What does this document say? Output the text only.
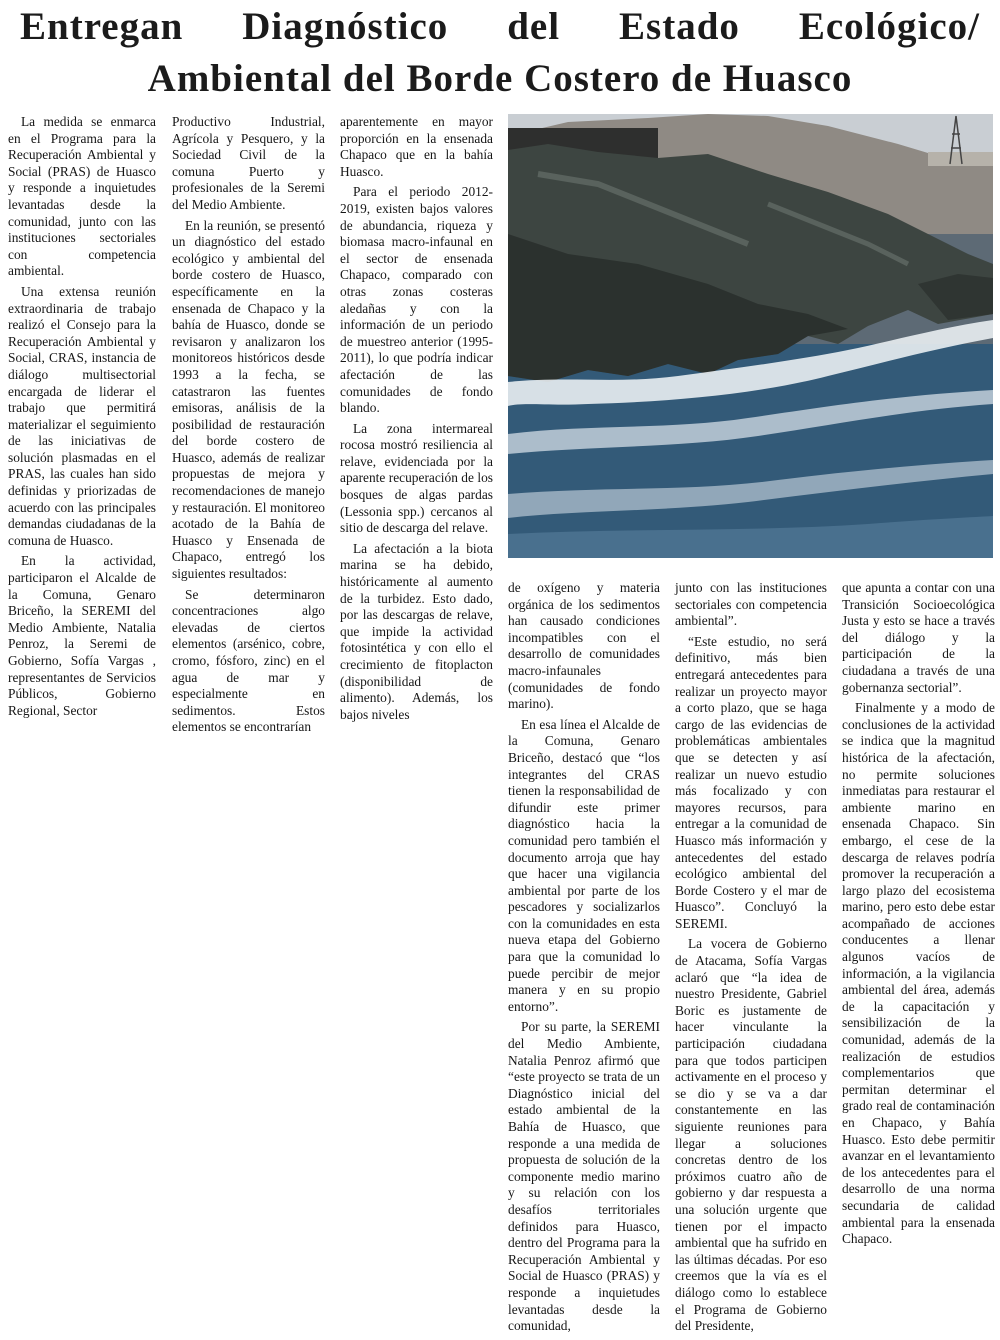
Entregan Diagnóstico del Estado Ecológico/
Ambiental del Borde Costero de Huasco

La medida se enmarca en el Programa para la Recuperación Ambiental y Social (PRAS) de Huasco y responde a inquietudes levantadas desde la comunidad, junto con las instituciones sectoriales con competencia ambiental.

Una extensa reunión extraordinaria de trabajo realizó el Consejo para la Recuperación Ambiental y Social, CRAS, instancia de diálogo multisectorial encargada de liderar el trabajo que permitirá materializar el seguimiento de las iniciativas de solución plasmadas en el PRAS, las cuales han sido definidas y priorizadas de acuerdo con las principales demandas ciudadanas de la comuna de Huasco.

En la actividad, participaron el Alcalde de la Comuna, Genaro Briceño, la SEREMI del Medio Ambiente, Natalia Penroz, la Seremi de Gobierno, Sofía Vargas , representantes de Servicios Públicos, Gobierno Regional, Sector

Productivo Industrial, Agrícola y Pesquero, y la Sociedad Civil de la comuna Puerto y profesionales de la Seremi del Medio Ambiente.

En la reunión, se presentó un diagnóstico del estado ecológico y ambiental del borde costero de Huasco, específicamente en la ensenada de Chapaco y la bahía de Huasco, donde se revisaron y analizaron los monitoreos históricos desde 1993 a la fecha, se catastraron las fuentes emisoras, análisis de la posibilidad de restauración del borde costero de Huasco, además de realizar propuestas de mejora y recomendaciones de manejo y restauración. El monitoreo acotado de la Bahía de Huasco y Ensenada de Chapaco, entregó los siguientes resultados:

Se determinaron concentraciones algo elevadas de ciertos elementos (arsénico, cobre, cromo, fósforo, zinc) en el agua de mar y especialmente en sedimentos. Estos elementos se encontrarían

aparentemente en mayor proporción en la ensenada Chapaco que en la bahía Huasco.

Para el periodo 2012-2019, existen bajos valores de abundancia, riqueza y biomasa macro-infaunal en el sector de ensenada Chapaco, comparado con otras zonas costeras aledañas y con la información de un periodo de muestreo anterior (1995-2011), lo que podría indicar afectación de las comunidades de fondo blando.

La zona intermareal rocosa mostró resiliencia al relave, evidenciada por la aparente recuperación de los bosques de algas pardas (Lessonia spp.) cercanos al sitio de descarga del relave.

La afectación a la biota marina se ha debido, históricamente al aumento de la turbidez. Esto dado, por las descargas de relave, que impide la actividad fotosintética y con ello el crecimiento de fitoplacton (disponibilidad de alimento). Además, los bajos niveles

de oxígeno y materia orgánica de los sedimentos han causado condiciones incompatibles con el desarrollo de comunidades macro-infaunales (comunidades de fondo marino).

En esa línea el Alcalde de la Comuna, Genaro Briceño, destacó que “los integrantes del CRAS tienen la responsabilidad de difundir este primer diagnóstico hacia la comunidad pero también el documento arroja que hay que hacer una vigilancia ambiental por parte de los pescadores y socializarlos con la comunidades en esta nueva etapa del Gobierno para que la comunidad lo puede percibir de mejor manera y en su propio entorno”.

Por su parte, la SEREMI del Medio Ambiente, Natalia Penroz afirmó que “este proyecto se trata de un Diagnóstico inicial del estado ambiental de la Bahía de Huasco, que responde a una medida de propuesta de solución de la componente medio marino y su relación con los desafíos territoriales definidos para Huasco, dentro del Programa para la Recuperación Ambiental y Social de Huasco (PRAS) y responde a inquietudes levantadas desde la comunidad,

junto con las instituciones sectoriales con competencia ambiental”.

“Este estudio, no será definitivo, más bien entregará antecedentes para realizar un proyecto mayor a corto plazo, que se haga cargo de las evidencias de problemáticas ambientales que se detecten y así realizar un nuevo estudio más focalizado y con mayores recursos, para entregar a la comunidad de Huasco más información y antecedentes del estado ecológico ambiental del Borde Costero y el mar de Huasco”. Concluyó la SEREMI.

La vocera de Gobierno de Atacama, Sofía Vargas aclaró que “la idea de nuestro Presidente, Gabriel Boric es justamente de hacer vinculante la participación ciudadana para que todos participen activamente en el proceso y se dio y se va a dar constantemente en las siguiente reuniones para llegar a soluciones concretas dentro de los próximos cuatro año de gobierno y dar respuesta a una solución urgente que tienen por el impacto ambiental que ha sufrido en las últimas décadas. Por eso creemos que la vía es el diálogo como lo establece el Programa de Gobierno del Presidente,

que apunta a contar con una Transición Socioecológica Justa y esto se hace a través del diálogo y la participación de la ciudadana a través de una gobernanza sectorial”.

Finalmente y a modo de conclusiones de la actividad se indica que la magnitud histórica de la afectación, no permite soluciones inmediatas para restaurar el ambiente marino en ensenada Chapaco. Sin embargo, el cese de la descarga de relaves podría promover la recuperación a largo plazo del ecosistema marino, pero esto debe estar acompañado de acciones conducentes a llenar algunos vacíos de información, a la vigilancia ambiental del área, además de la capacitación y sensibilización de la comunidad, además de la realización de estudios complementarios que permitan determinar el grado real de contaminación en Chapaco, y Bahía Huasco. Esto debe permitir avanzar en el levantamiento de los antecedentes para el desarrollo de una norma secundaria de calidad ambiental para la ensenada Chapaco.
